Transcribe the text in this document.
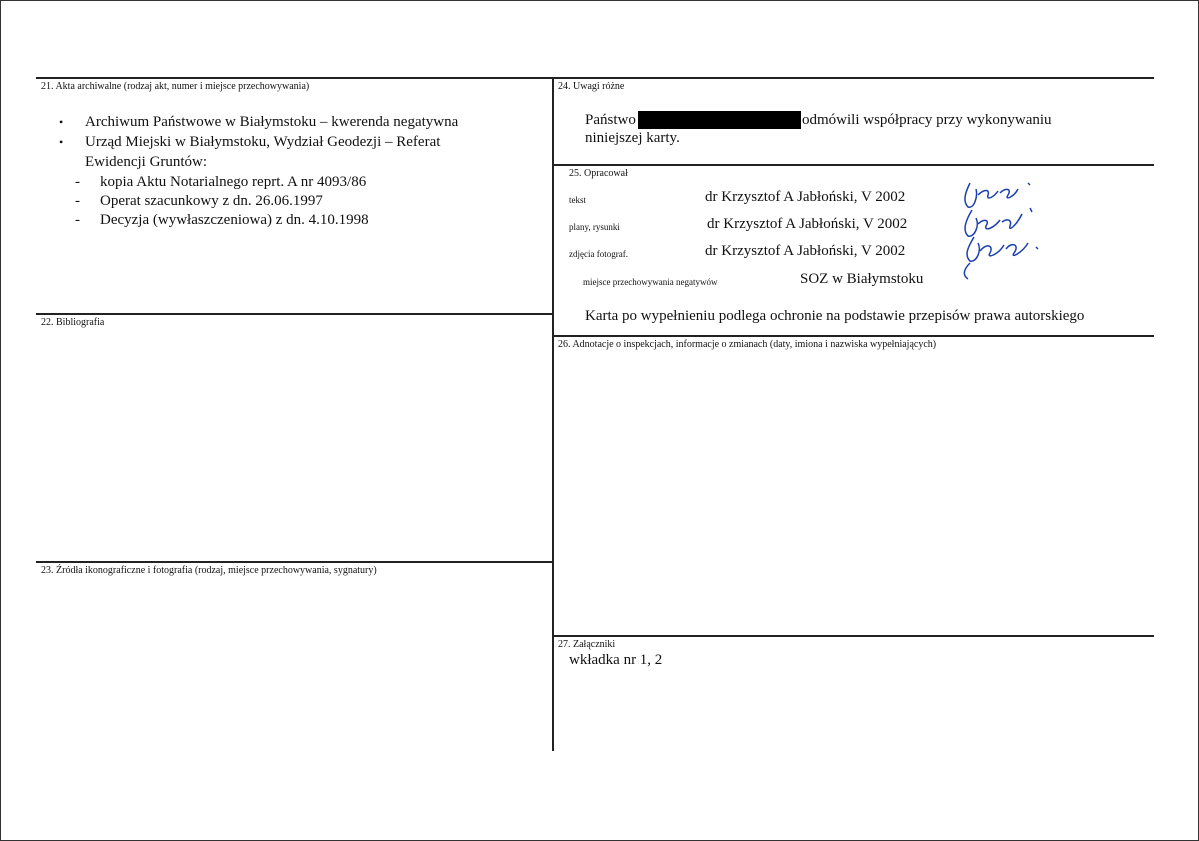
21. Akta archiwalne (rodzaj akt, numer i miejsce przechowywania)
• Archiwum Państwowe w Białymstoku – kwerenda negatywna
• Urząd Miejski w Białymstoku, Wydział Geodezji – Referat
Ewidencji Gruntów:
- kopia Aktu Notarialnego reprt. A nr 4093/86
- Operat szacunkowy z dn. 26.06.1997
- Decyzja (wywłaszczeniowa) z dn. 4.10.1998
22. Bibliografia
23. Źródła ikonograficzne i fotografia (rodzaj, miejsce przechowywania, sygnatury)
24. Uwagi różne
Państwo	odmówili współpracy przy wykonywaniu
niniejszej karty.
25. Opracował
tekst	dr Krzysztof A Jabłoński, V 2002
plany, rysunki	dr Krzysztof A Jabłoński, V 2002
zdjęcia fotograf.	dr Krzysztof A Jabłoński, V 2002
miejsce przechowywania negatywów	SOZ w Białymstoku
Karta po wypełnieniu podlega ochronie na podstawie przepisów prawa autorskiego
26. Adnotacje o inspekcjach, informacje o zmianach (daty, imiona i nazwiska wypełniających)
27. Załączniki
wkładka nr 1, 2
